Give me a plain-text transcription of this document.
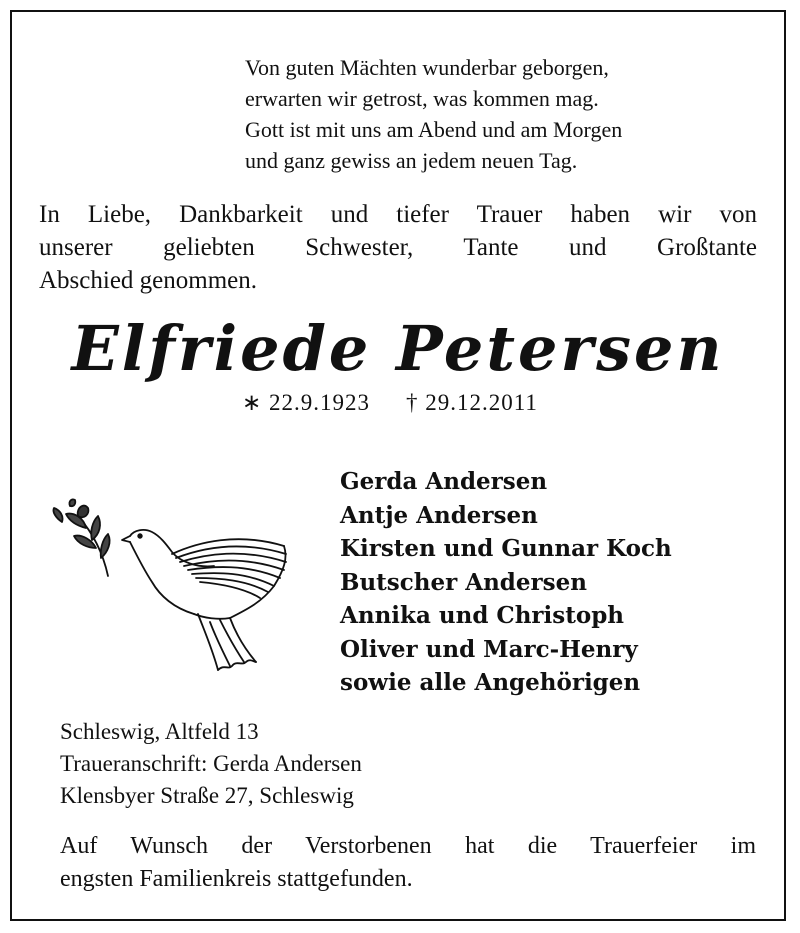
Von guten Mächten wunderbar geborgen,
erwarten wir getrost, was kommen mag.
Gott ist mit uns am Abend und am Morgen
und ganz gewiss an jedem neuen Tag.
In Liebe, Dankbarkeit und tiefer Trauer haben wir von
unserer geliebten Schwester, Tante und Großtante
Abschied genommen.
Elfriede Petersen
∗ 22.9.1923 † 29.12.2011
Gerda Andersen
Antje Andersen
Kirsten und Gunnar Koch
Butscher Andersen
Annika und Christoph
Oliver und Marc-Henry
sowie alle Angehörigen
Schleswig, Altfeld 13
Traueranschrift: Gerda Andersen
Klensbyer Straße 27, Schleswig
Auf Wunsch der Verstorbenen hat die Trauerfeier im
engsten Familienkreis stattgefunden.
